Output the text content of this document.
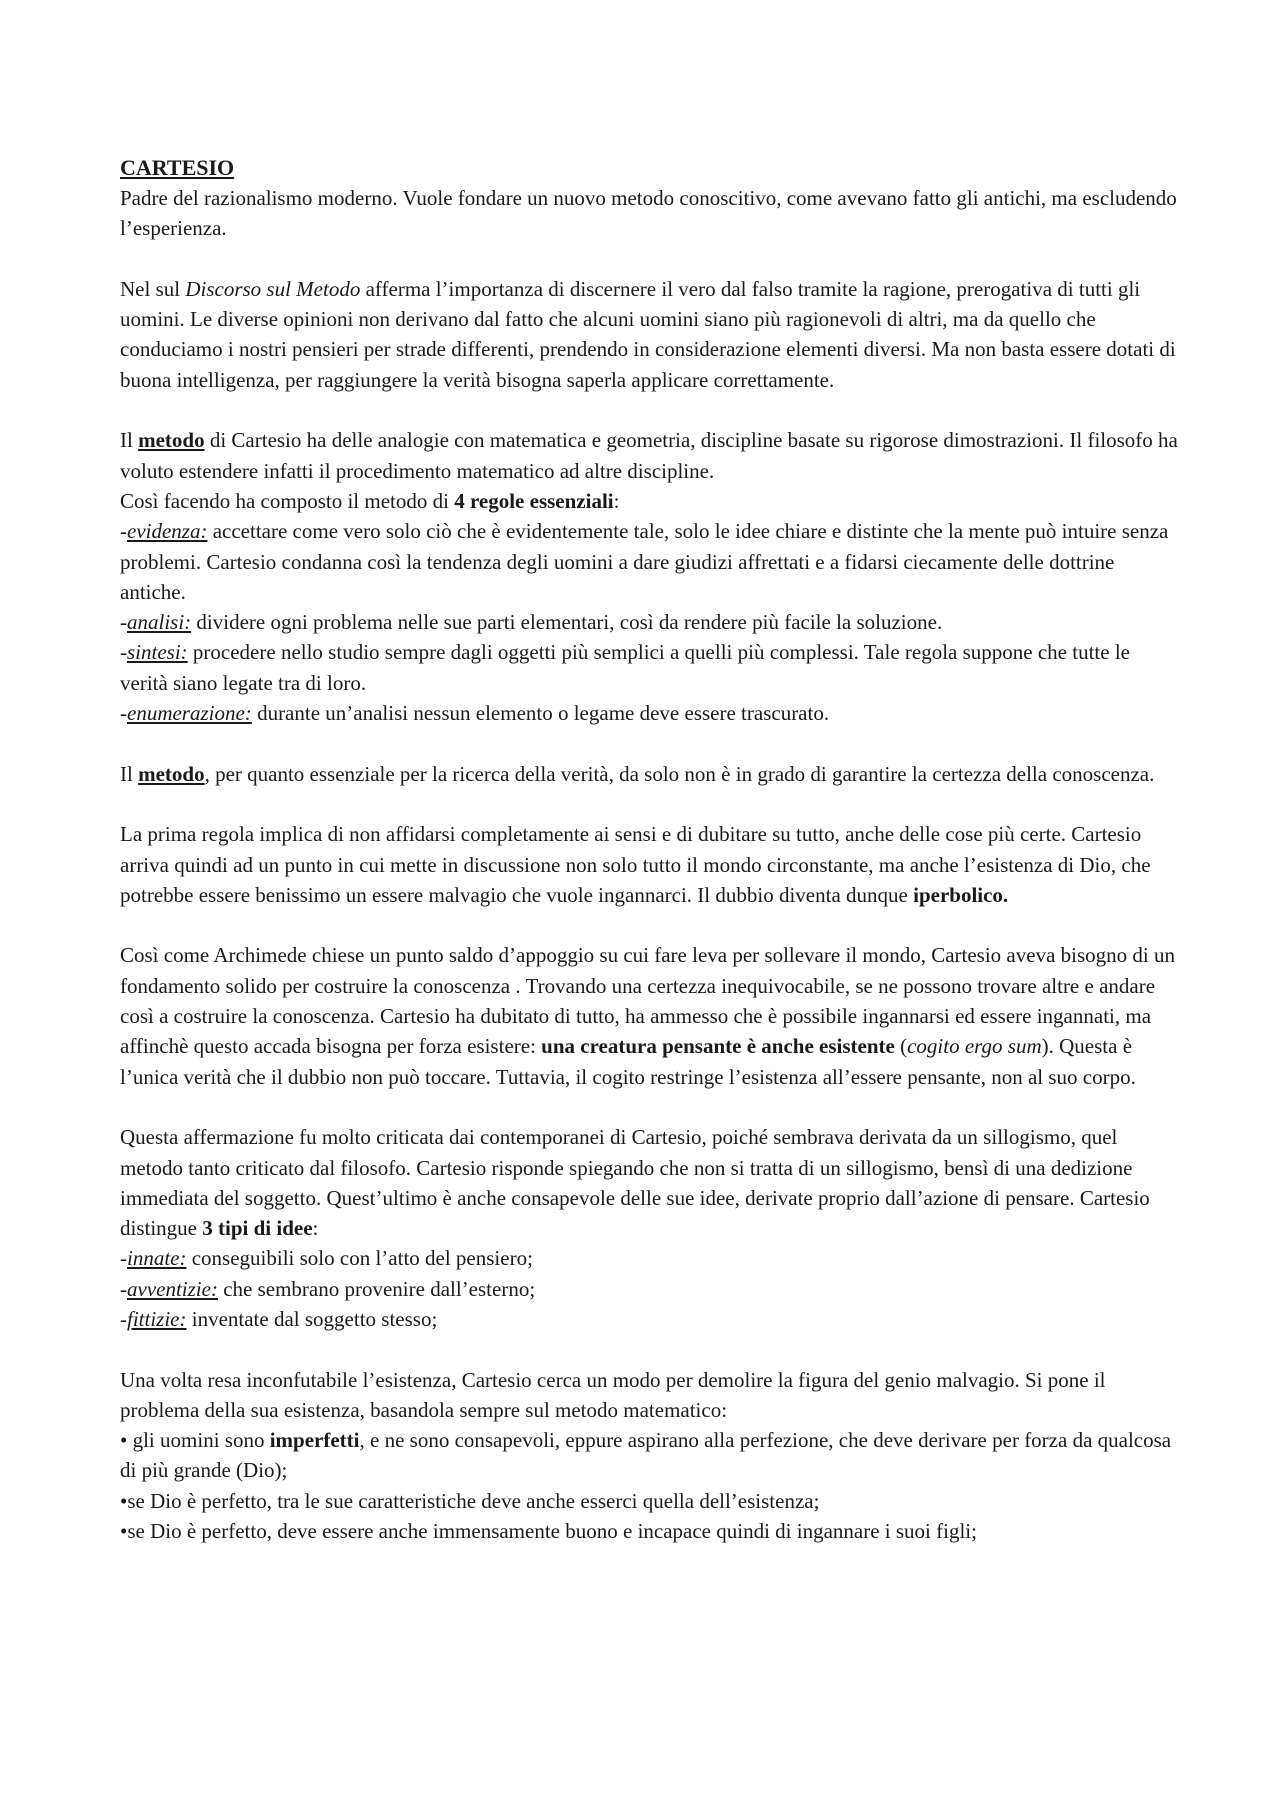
CARTESIO

Padre del razionalismo moderno. Vuole fondare un nuovo metodo conoscitivo, come avevano fatto gli antichi, ma escludendo l’esperienza.

Nel sul Discorso sul Metodo afferma l’importanza di discernere il vero dal falso tramite la ragione, prerogativa di tutti gli uomini. Le diverse opinioni non derivano dal fatto che alcuni uomini siano più ragionevoli di altri, ma da quello che conduciamo i nostri pensieri per strade differenti, prendendo in considerazione elementi diversi. Ma non basta essere dotati di buona intelligenza, per raggiungere la verità bisogna saperla applicare correttamente.

Il metodo di Cartesio ha delle analogie con matematica e geometria, discipline basate su rigorose dimostrazioni. Il filosofo ha voluto estendere infatti il procedimento matematico ad altre discipline.

Così facendo ha composto il metodo di 4 regole essenziali:

-evidenza: accettare come vero solo ciò che è evidentemente tale, solo le idee chiare e distinte che la mente può intuire senza problemi. Cartesio condanna così la tendenza degli uomini a dare giudizi affrettati e a fidarsi ciecamente delle dottrine antiche.

-analisi: dividere ogni problema nelle sue parti elementari, così da rendere più facile la soluzione.

-sintesi: procedere nello studio sempre dagli oggetti più semplici a quelli più complessi. Tale regola suppone che tutte le verità siano legate tra di loro.

-enumerazione: durante un’analisi nessun elemento o legame deve essere trascurato.

Il metodo, per quanto essenziale per la ricerca della verità, da solo non è in grado di garantire la certezza della conoscenza.

La prima regola implica di non affidarsi completamente ai sensi e di dubitare su tutto, anche delle cose più certe. Cartesio arriva quindi ad un punto in cui mette in discussione non solo tutto il mondo circonstante, ma anche l’esistenza di Dio, che potrebbe essere benissimo un essere malvagio che vuole ingannarci. Il dubbio diventa dunque iperbolico.

Così come Archimede chiese un punto saldo d’appoggio su cui fare leva per sollevare il mondo, Cartesio aveva bisogno di un fondamento solido per costruire la conoscenza . Trovando una certezza inequivocabile, se ne possono trovare altre e andare così a costruire la conoscenza. Cartesio ha dubitato di tutto, ha ammesso che è possibile ingannarsi ed essere ingannati, ma affinchè questo accada bisogna per forza esistere: una creatura pensante è anche esistente (cogito ergo sum). Questa è l’unica verità che il dubbio non può toccare. Tuttavia, il cogito restringe l’esistenza all’essere pensante, non al suo corpo.

Questa affermazione fu molto criticata dai contemporanei di Cartesio, poiché sembrava derivata da un sillogismo, quel metodo tanto criticato dal filosofo. Cartesio risponde spiegando che non si tratta di un sillogismo, bensì di una dedizione immediata del soggetto. Quest’ultimo è anche consapevole delle sue idee, derivate proprio dall’azione di pensare. Cartesio distingue 3 tipi di idee:

-innate: conseguibili solo con l’atto del pensiero;

-avventizie: che sembrano provenire dall’esterno;

-fittizie: inventate dal soggetto stesso;

Una volta resa inconfutabile l’esistenza, Cartesio cerca un modo per demolire la figura del genio malvagio. Si pone il problema della sua esistenza, basandola sempre sul metodo matematico:

• gli uomini sono imperfetti, e ne sono consapevoli, eppure aspirano alla perfezione, che deve derivare per forza da qualcosa di più grande (Dio);

•se Dio è perfetto, tra le sue caratteristiche deve anche esserci quella dell’esistenza;

•se Dio è perfetto, deve essere anche immensamente buono e incapace quindi di ingannare i suoi figli;
